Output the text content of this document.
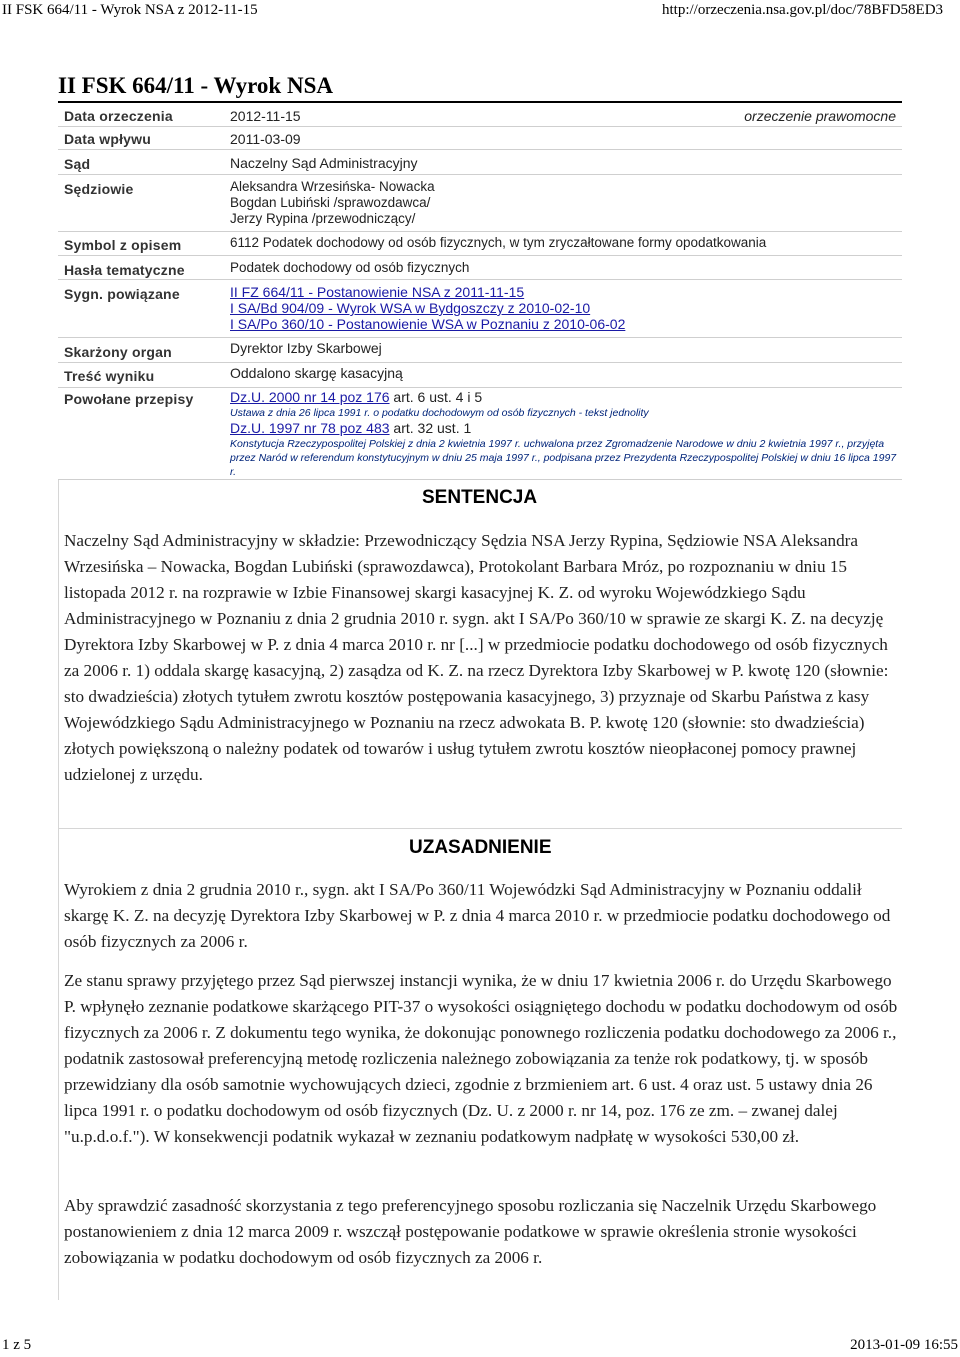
II FSK 664/11 - Wyrok NSA z 2012-11-15	http://orzeczenia.nsa.gov.pl/doc/78BFD58ED3
II FSK 664/11 - Wyrok NSA
Data orzeczenia	2012-11-15	orzeczenie prawomocne
Data wpływu	2011-03-09
Sąd	Naczelny Sąd Administracyjny
Sędziowie	Aleksandra Wrzesińska- Nowacka
Bogdan Lubiński /sprawozdawca/
Jerzy Rypina /przewodniczący/
Symbol z opisem	6112 Podatek dochodowy od osób fizycznych, w tym zryczałtowane formy opodatkowania
Hasła tematyczne	Podatek dochodowy od osób fizycznych
Sygn. powiązane	II FZ 664/11 - Postanowienie NSA z 2011-11-15
I SA/Bd 904/09 - Wyrok WSA w Bydgoszczy z 2010-02-10
I SA/Po 360/10 - Postanowienie WSA w Poznaniu z 2010-06-02
Skarżony organ	Dyrektor Izby Skarbowej
Treść wyniku	Oddalono skargę kasacyjną
Powołane przepisy	Dz.U. 2000 nr 14 poz 176 art. 6 ust. 4 i 5
Ustawa z dnia 26 lipca 1991 r. o podatku dochodowym od osób fizycznych - tekst jednolity
Dz.U. 1997 nr 78 poz 483 art. 32 ust. 1
Konstytucja Rzeczypospolitej Polskiej z dnia 2 kwietnia 1997 r. uchwalona przez Zgromadzenie Narodowe w dniu 2 kwietnia 1997 r., przyjęta przez Naród w referendum konstytucyjnym w dniu 25 maja 1997 r., podpisana przez Prezydenta Rzeczypospolitej Polskiej w dniu 16 lipca 1997 r.
SENTENCJA
Naczelny Sąd Administracyjny w składzie: Przewodniczący Sędzia NSA Jerzy Rypina, Sędziowie NSA Aleksandra Wrzesińska – Nowacka, Bogdan Lubiński (sprawozdawca), Protokolant Barbara Mróz, po rozpoznaniu w dniu 15 listopada 2012 r. na rozprawie w Izbie Finansowej skargi kasacyjnej K. Z. od wyroku Wojewódzkiego Sądu Administracyjnego w Poznaniu z dnia 2 grudnia 2010 r. sygn. akt I SA/Po 360/10 w sprawie ze skargi K. Z. na decyzję Dyrektora Izby Skarbowej w P. z dnia 4 marca 2010 r. nr [...] w przedmiocie podatku dochodowego od osób fizycznych za 2006 r. 1) oddala skargę kasacyjną, 2) zasądza od K. Z. na rzecz Dyrektora Izby Skarbowej w P. kwotę 120 (słownie: sto dwadzieścia) złotych tytułem zwrotu kosztów postępowania kasacyjnego, 3) przyznaje od Skarbu Państwa z kasy Wojewódzkiego Sądu Administracyjnego w Poznaniu na rzecz adwokata B. P. kwotę 120 (słownie: sto dwadzieścia) złotych powiększoną o należny podatek od towarów i usług tytułem zwrotu kosztów nieopłaconej pomocy prawnej udzielonej z urzędu.
UZASADNIENIE
Wyrokiem z dnia 2 grudnia 2010 r., sygn. akt I SA/Po 360/11 Wojewódzki Sąd Administracyjny w Poznaniu oddalił skargę K. Z. na decyzję Dyrektora Izby Skarbowej w P. z dnia 4 marca 2010 r. w przedmiocie podatku dochodowego od osób fizycznych za 2006 r.
Ze stanu sprawy przyjętego przez Sąd pierwszej instancji wynika, że w dniu 17 kwietnia 2006 r. do Urzędu Skarbowego P. wpłynęło zeznanie podatkowe skarżącego PIT-37 o wysokości osiągniętego dochodu w podatku dochodowym od osób fizycznych za 2006 r. Z dokumentu tego wynika, że dokonując ponownego rozliczenia podatku dochodowego za 2006 r., podatnik zastosował preferencyjną metodę rozliczenia należnego zobowiązania za tenże rok podatkowy, tj. w sposób przewidziany dla osób samotnie wychowujących dzieci, zgodnie z brzmieniem art. 6 ust. 4 oraz ust. 5 ustawy dnia 26 lipca 1991 r. o podatku dochodowym od osób fizycznych (Dz. U. z 2000 r. nr 14, poz. 176 ze zm. – zwanej dalej "u.p.d.o.f."). W konsekwencji podatnik wykazał w zeznaniu podatkowym nadpłatę w wysokości 530,00 zł.
Aby sprawdzić zasadność skorzystania z tego preferencyjnego sposobu rozliczania się Naczelnik Urzędu Skarbowego postanowieniem z dnia 12 marca 2009 r. wszczął postępowanie podatkowe w sprawie określenia stronie wysokości zobowiązania w podatku dochodowym od osób fizycznych za 2006 r.
1 z 5	2013-01-09 16:55
